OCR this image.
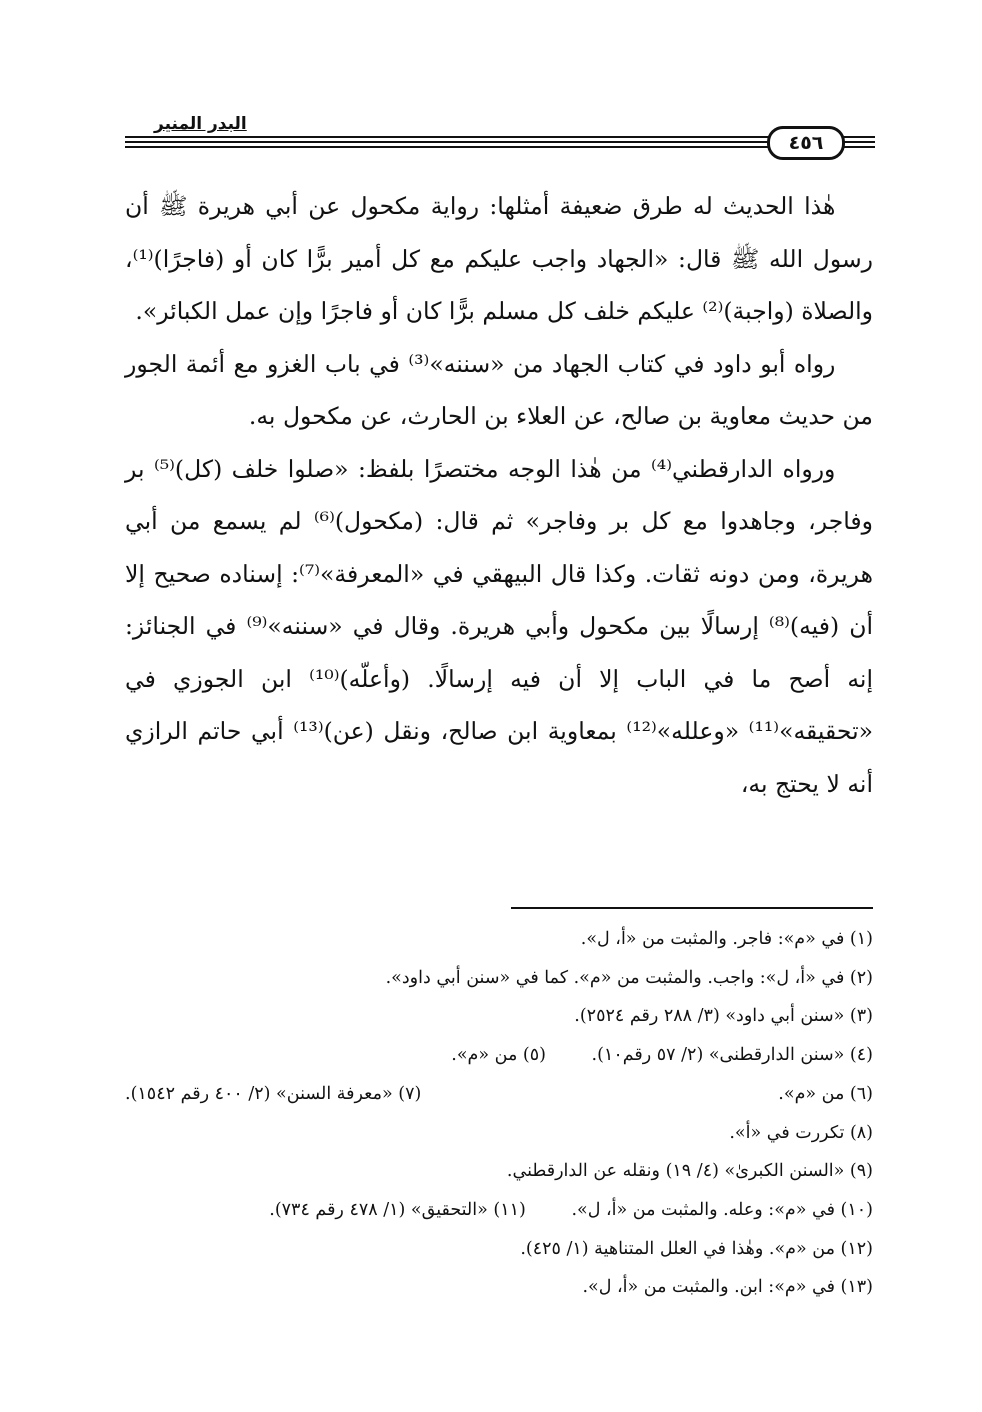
البدر المنير
٤٥٦

هٰذا الحديث له طرق ضعيفة أمثلها: رواية مكحول عن أبي هريرة ﷺ أن رسول الله ﷺ قال: «الجهاد واجب عليكم مع كل أمير برًّا كان أو (فاجرًا)⁽¹⁾، والصلاة (واجبة)⁽²⁾ عليكم خلف كل مسلم برًّا كان أو فاجرًا وإن عمل الكبائر».

رواه أبو داود في كتاب الجهاد من «سننه»⁽³⁾ في باب الغزو مع أئمة الجور من حديث معاوية بن صالح، عن العلاء بن الحارث، عن مكحول به.

ورواه الدارقطني⁽⁴⁾ من هٰذا الوجه مختصرًا بلفظ: «صلوا خلف (كل)⁽⁵⁾ بر وفاجر، وجاهدوا مع كل بر وفاجر» ثم قال: (مكحول)⁽⁶⁾ لم يسمع من أبي هريرة، ومن دونه ثقات. وكذا قال البيهقي في «المعرفة»⁽⁷⁾: إسناده صحيح إلا أن (فيه)⁽⁸⁾ إرسالًا بين مكحول وأبي هريرة. وقال في «سننه»⁽⁹⁾ في الجنائز: إنه أصح ما في الباب إلا أن فيه إرسالًا. (وأعلّه)⁽¹⁰⁾ ابن الجوزي في «تحقيقه»⁽¹¹⁾ «وعلله»⁽¹²⁾ بمعاوية ابن صالح، ونقل (عن)⁽¹³⁾ أبي حاتم الرازي أنه لا يحتج به،

(١) في «م»: فاجر. والمثبت من «أ، ل».
(٢) في «أ، ل»: واجب. والمثبت من «م». كما في «سنن أبي داود».
(٣) «سنن أبي داود» (٣/ ٢٨٨ رقم ٢٥٢٤).
(٤) «سنن الدارقطنى» (٢/ ٥٧ رقم١٠). (٥) من «م».
(٦) من «م».
(٧) «معرفة السنن» (٢/ ٤٠٠ رقم ١٥٤٢).
(٨) تكررت في «أ».
(٩) «السنن الكبرىٰ» (٤/ ١٩) ونقله عن الدارقطني.
(١٠) في «م»: وعله. والمثبت من «أ، ل». (١١) «التحقيق» (١/ ٤٧٨ رقم ٧٣٤).
(١٢) من «م». وهٰذا في العلل المتناهية (١/ ٤٢٥).
(١٣) في «م»: ابن. والمثبت من «أ، ل».
